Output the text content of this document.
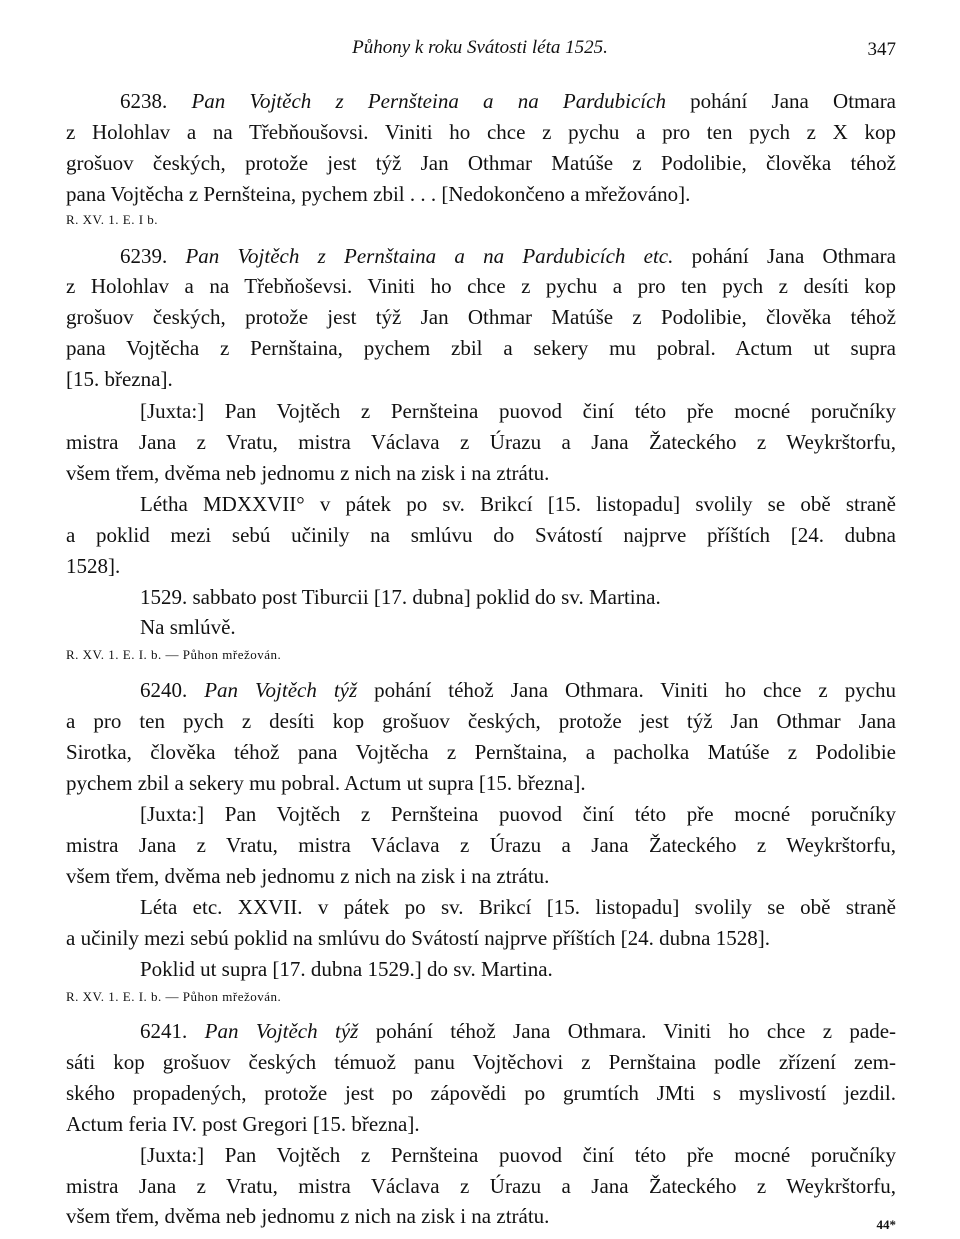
Půhony k roku Svátosti léta 1525.	347
6238. Pan Vojtěch z Pernšteina a na Pardubicích pohání Jana Otmara
z Holohlav a na Třebňoušovsi. Viniti ho chce z pychu a pro ten pych z X kop
grošuov českých, protože jest týž Jan Othmar Matúše z Podolibie, člověka téhož
pana Vojtěcha z Pernšteina, pychem zbil . . . [Nedokončeno a mřežováno].
R. XV. 1. E. I b.
6239. Pan Vojtěch z Pernštaina a na Pardubicích etc. pohání Jana Othmara
z Holohlav a na Třebňoševsi. Viniti ho chce z pychu a pro ten pych z desíti kop
grošuov českých, protože jest týž Jan Othmar Matúše z Podolibie, člověka téhož
pana Vojtěcha z Pernštaina, pychem zbil a sekery mu pobral. Actum ut supra
[15. března].
[Juxta:] Pan Vojtěch z Pernšteina puovod činí této pře mocné poručníky
mistra Jana z Vratu, mistra Václava z Úrazu a Jana Žateckého z Weykrštorfu,
všem třem, dvěma neb jednomu z nich na zisk i na ztrátu.
Létha MDXXVII° v pátek po sv. Brikcí [15. listopadu] svolily se obě straně
a poklid mezi sebú učinily na smlúvu do Svátostí najprve příštích [24. dubna
1528].
1529. sabbato post Tiburcii [17. dubna] poklid do sv. Martina.
Na smlúvě.
R. XV. 1. E. I. b. — Půhon mřežován.
6240. Pan Vojtěch týž pohání téhož Jana Othmara. Viniti ho chce z pychu
a pro ten pych z desíti kop grošuov českých, protože jest týž Jan Othmar Jana
Sirotka, člověka téhož pana Vojtěcha z Pernštaina, a pacholka Matúše z Podolibie
pychem zbil a sekery mu pobral. Actum ut supra [15. března].
[Juxta:] Pan Vojtěch z Pernšteina puovod činí této pře mocné poručníky
mistra Jana z Vratu, mistra Václava z Úrazu a Jana Žateckého z Weykrštorfu,
všem třem, dvěma neb jednomu z nich na zisk i na ztrátu.
Léta etc. XXVII. v pátek po sv. Brikcí [15. listopadu] svolily se obě straně
a učinily mezi sebú poklid na smlúvu do Svátostí najprve příštích [24. dubna 1528].
Poklid ut supra [17. dubna 1529.] do sv. Martina.
R. XV. 1. E. I. b. — Půhon mřežován.
6241. Pan Vojtěch týž pohání téhož Jana Othmara. Viniti ho chce z pade-
sáti kop grošuov českých témuož panu Vojtěchovi z Pernštaina podle zřízení zem-
ského propadených, protože jest po zápovědi po grumtích JMti s myslivostí jezdil.
Actum feria IV. post Gregori [15. března].
[Juxta:] Pan Vojtěch z Pernšteina puovod činí této pře mocné poručníky
mistra Jana z Vratu, mistra Václava z Úrazu a Jana Žateckého z Weykrštorfu,
všem třem, dvěma neb jednomu z nich na zisk i na ztrátu.	44*
